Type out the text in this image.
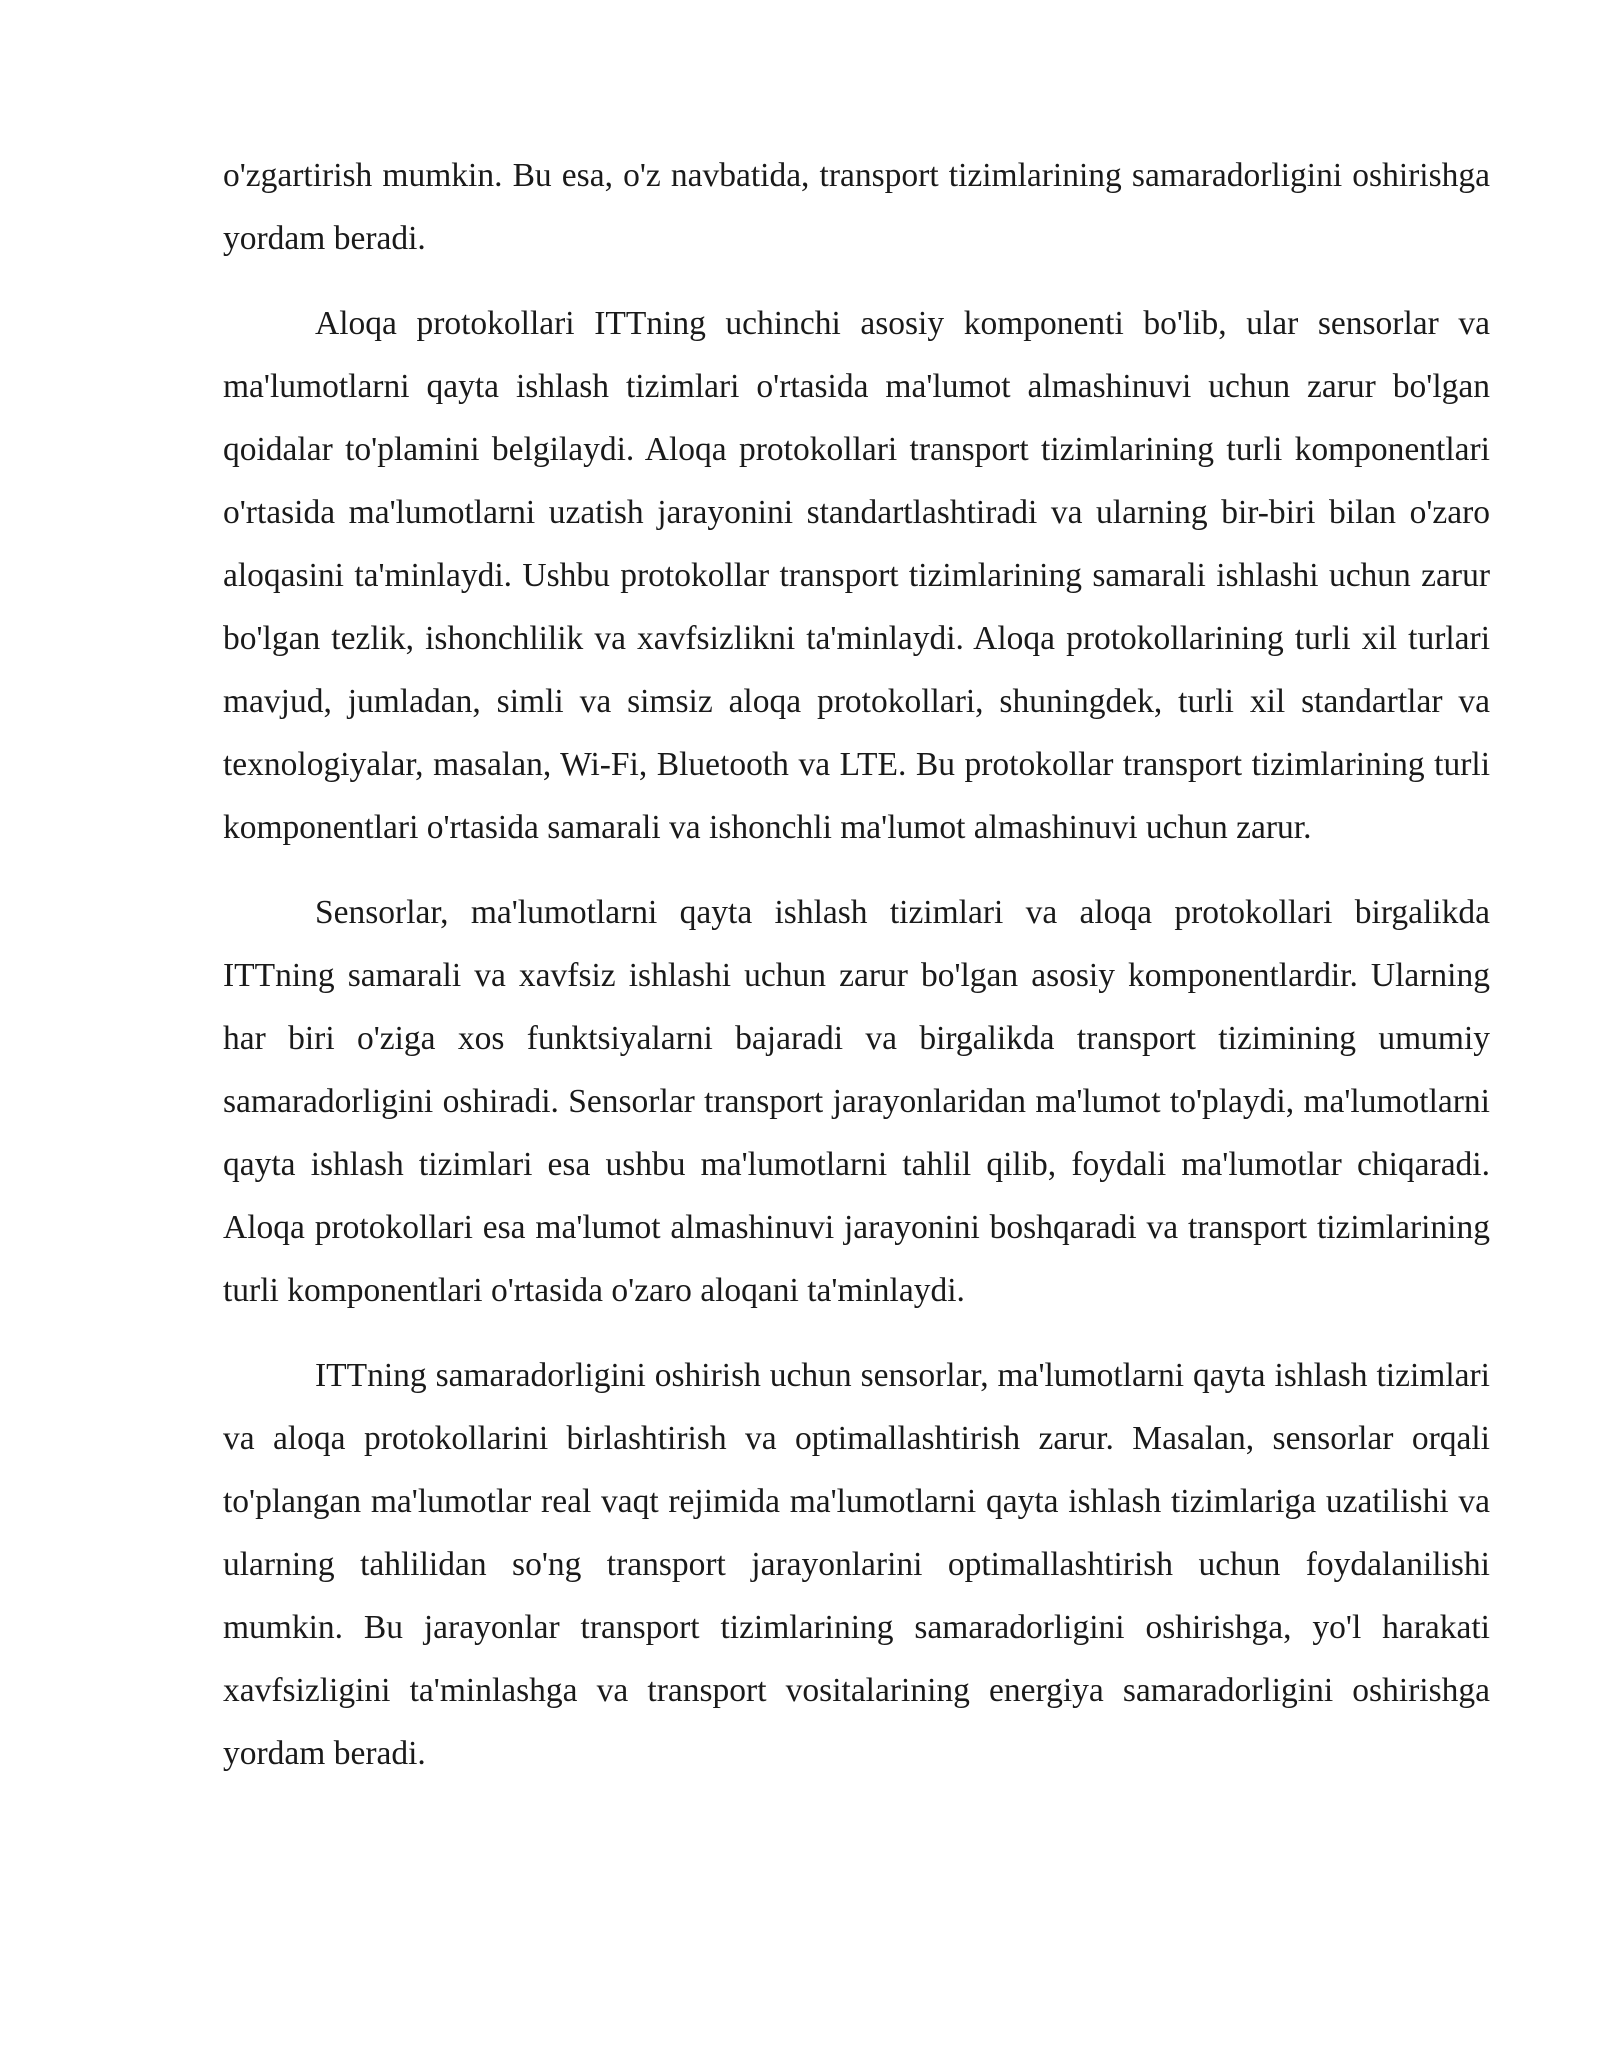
o'zgartirish mumkin. Bu esa, o'z navbatida, transport tizimlarining samaradorligini oshirishga yordam beradi.

Aloqa protokollari ITTning uchinchi asosiy komponenti bo'lib, ular sensorlar va ma'lumotlarni qayta ishlash tizimlari o'rtasida ma'lumot almashinuvi uchun zarur bo'lgan qoidalar to'plamini belgilaydi. Aloqa protokollari transport tizimlarining turli komponentlari o'rtasida ma'lumotlarni uzatish jarayonini standartlashtiradi va ularning bir-biri bilan o'zaro aloqasini ta'minlaydi. Ushbu protokollar transport tizimlarining samarali ishlashi uchun zarur bo'lgan tezlik, ishonchlilik va xavfsizlikni ta'minlaydi. Aloqa protokollarining turli xil turlari mavjud, jumladan, simli va simsiz aloqa protokollari, shuningdek, turli xil standartlar va texnologiyalar, masalan, Wi-Fi, Bluetooth va LTE. Bu protokollar transport tizimlarining turli komponentlari o'rtasida samarali va ishonchli ma'lumot almashinuvi uchun zarur.

Sensorlar, ma'lumotlarni qayta ishlash tizimlari va aloqa protokollari birgalikda ITTning samarali va xavfsiz ishlashi uchun zarur bo'lgan asosiy komponentlardir. Ularning har biri o'ziga xos funktsiyalarni bajaradi va birgalikda transport tizimining umumiy samaradorligini oshiradi. Sensorlar transport jarayonlaridan ma'lumot to'playdi, ma'lumotlarni qayta ishlash tizimlari esa ushbu ma'lumotlarni tahlil qilib, foydali ma'lumotlar chiqaradi. Aloqa protokollari esa ma'lumot almashinuvi jarayonini boshqaradi va transport tizimlarining turli komponentlari o'rtasida o'zaro aloqani ta'minlaydi.

ITTning samaradorligini oshirish uchun sensorlar, ma'lumotlarni qayta ishlash tizimlari va aloqa protokollarini birlashtirish va optimallashtirish zarur. Masalan, sensorlar orqali to'plangan ma'lumotlar real vaqt rejimida ma'lumotlarni qayta ishlash tizimlariga uzatilishi va ularning tahlilidan so'ng transport jarayonlarini optimallashtirish uchun foydalanilishi mumkin. Bu jarayonlar transport tizimlarining samaradorligini oshirishga, yo'l harakati xavfsizligini ta'minlashga va transport vositalarining energiya samaradorligini oshirishga yordam beradi.
